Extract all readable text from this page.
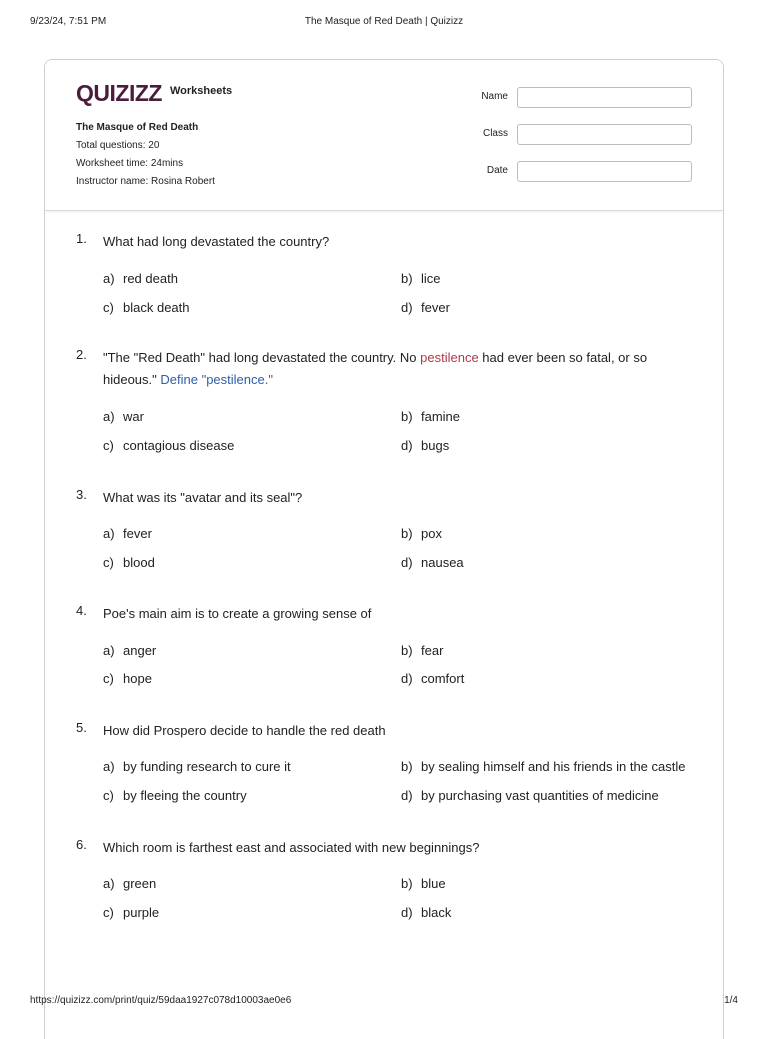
9/23/24, 7:51 PM	The Masque of Red Death | Quizizz
QUIZIZZ Worksheets
The Masque of Red Death
Total questions: 20
Worksheet time: 24mins
Instructor name: Rosina Robert
Name
Class
Date
1. What had long devastated the country?
a) red death	b) lice
c) black death	d) fever
2. "The "Red Death" had long devastated the country. No pestilence had ever been so fatal, or so hideous." Define "pestilence."
a) war	b) famine
c) contagious disease	d) bugs
3. What was its "avatar and its seal"?
a) fever	b) pox
c) blood	d) nausea
4. Poe's main aim is to create a growing sense of
a) anger	b) fear
c) hope	d) comfort
5. How did Prospero decide to handle the red death
a) by funding research to cure it	b) by sealing himself and his friends in the castle
c) by fleeing the country	d) by purchasing vast quantities of medicine
6. Which room is farthest east and associated with new beginnings?
a) green	b) blue
c) purple	d) black
https://quizizz.com/print/quiz/59daa1927c078d10003ae0e6	1/4
